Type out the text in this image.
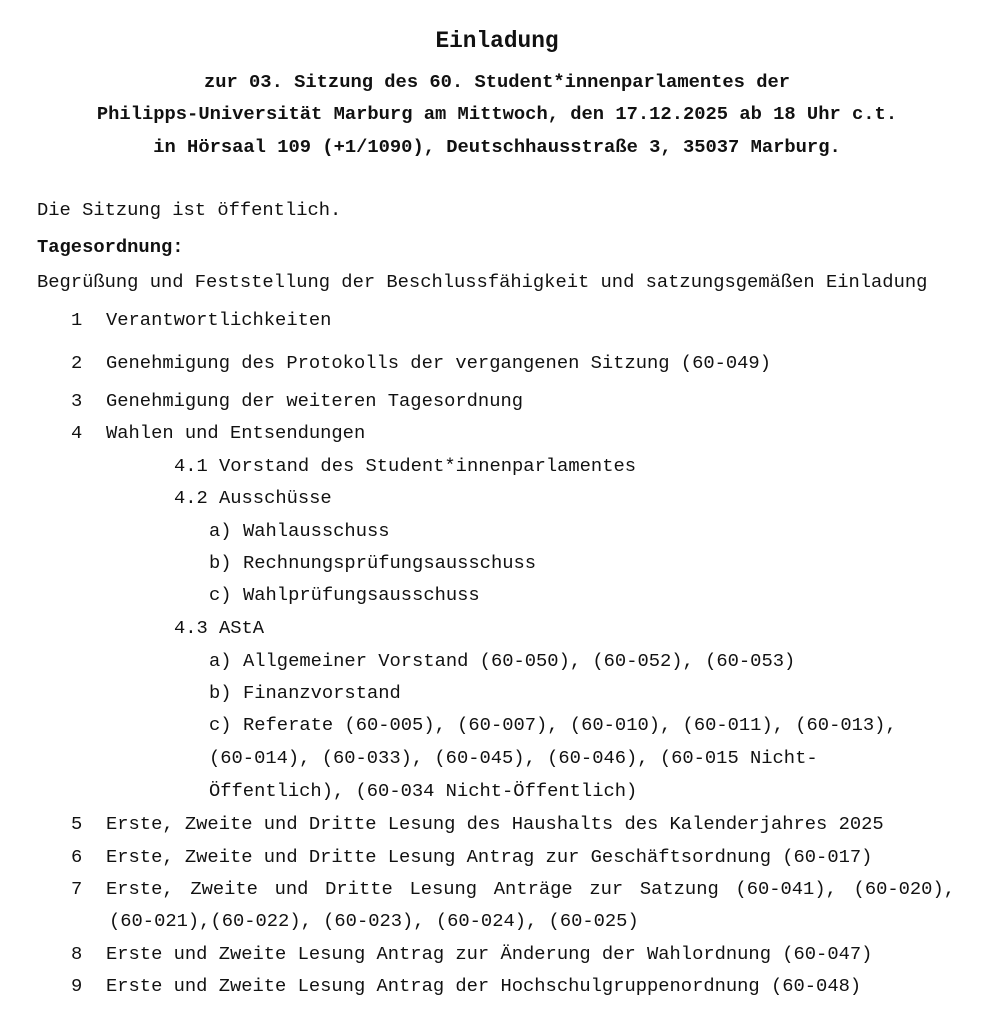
Einladung
zur 03. Sitzung des 60. Student*innenparlamentes der
Philipps-Universität Marburg am Mittwoch, den 17.12.2025 ab 18 Uhr c.t.
in Hörsaal 109 (+1/1090), Deutschhausstraße 3, 35037 Marburg.
Die Sitzung ist öffentlich.
Tagesordnung:
Begrüßung und Feststellung der Beschlussfähigkeit und satzungsgemäßen Einladung
1 Verantwortlichkeiten
2 Genehmigung des Protokolls der vergangenen Sitzung (60-049)
3 Genehmigung der weiteren Tagesordnung
4 Wahlen und Entsendungen
4.1 Vorstand des Student*innenparlamentes
4.2 Ausschüsse
a) Wahlausschuss
b) Rechnungsprüfungsausschuss
c) Wahlprüfungsausschuss
4.3 AStA
a) Allgemeiner Vorstand (60-050), (60-052), (60-053)
b) Finanzvorstand
c) Referate (60-005), (60-007), (60-010), (60-011), (60-013),
(60-014), (60-033), (60-045), (60-046), (60-015 Nicht-
Öffentlich), (60-034 Nicht-Öffentlich)
5 Erste, Zweite und Dritte Lesung des Haushalts des Kalenderjahres 2025
6 Erste, Zweite und Dritte Lesung Antrag zur Geschäftsordnung (60-017)
7 Erste, Zweite und Dritte Lesung Anträge zur Satzung (60-041), (60-020),
(60-021),(60-022), (60-023), (60-024), (60-025)
8 Erste und Zweite Lesung Antrag zur Änderung der Wahlordnung (60-047)
9 Erste und Zweite Lesung Antrag der Hochschulgruppenordnung (60-048)
